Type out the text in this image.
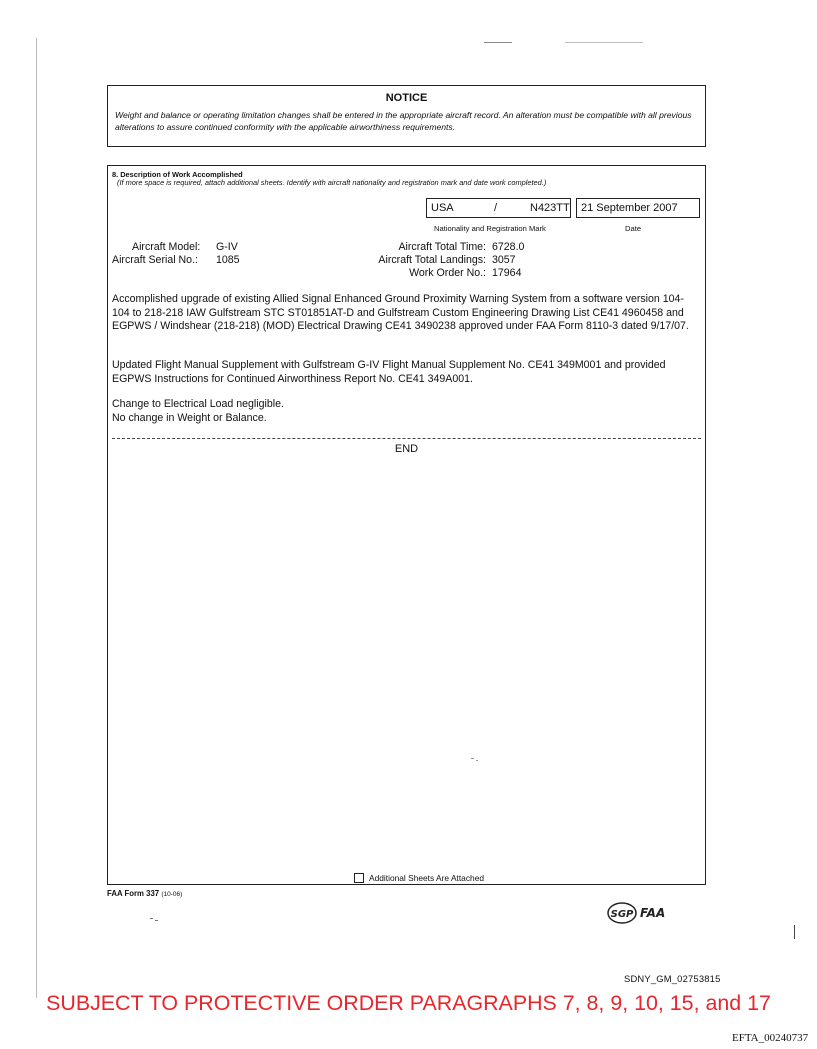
NOTICE
Weight and balance or operating limitation changes shall be entered in the appropriate aircraft record. An alteration must be compatible with all previous alterations to assure continued conformity with the applicable airworthiness requirements.
8. Description of Work Accomplished
(If more space is required, attach additional sheets. Identify with aircraft nationality and registration mark and date work completed.)
USA	/	N423TT 21 September 2007
Nationality and Registration Mark	Date
Aircraft Model: G-IV
Aircraft Serial No.: 1085
Aircraft Total Time: 6728.0
Aircraft Total Landings: 3057
Work Order No.: 17964
Accomplished upgrade of existing Allied Signal Enhanced Ground Proximity Warning System from a software version 104-104 to 218-218 IAW Gulfstream STC ST01851AT-D and Gulfstream Custom Engineering Drawing List CE41 4960458 and EGPWS / Windshear (218-218) (MOD) Electrical Drawing CE41 3490238 approved under FAA Form 8110-3 dated 9/17/07.
Updated Flight Manual Supplement with Gulfstream G-IV Flight Manual Supplement No. CE41 349M001 and provided EGPWS Instructions for Continued Airworthiness Report No. CE41 349A001.
Change to Electrical Load negligible.
No change in Weight or Balance.
END
Additional Sheets Are Attached
FAA Form 337 (10-06)
SGP FAA
SDNY_GM_02753815
SUBJECT TO PROTECTIVE ORDER PARAGRAPHS 7, 8, 9, 10, 15, and 17
EFTA_00240737
